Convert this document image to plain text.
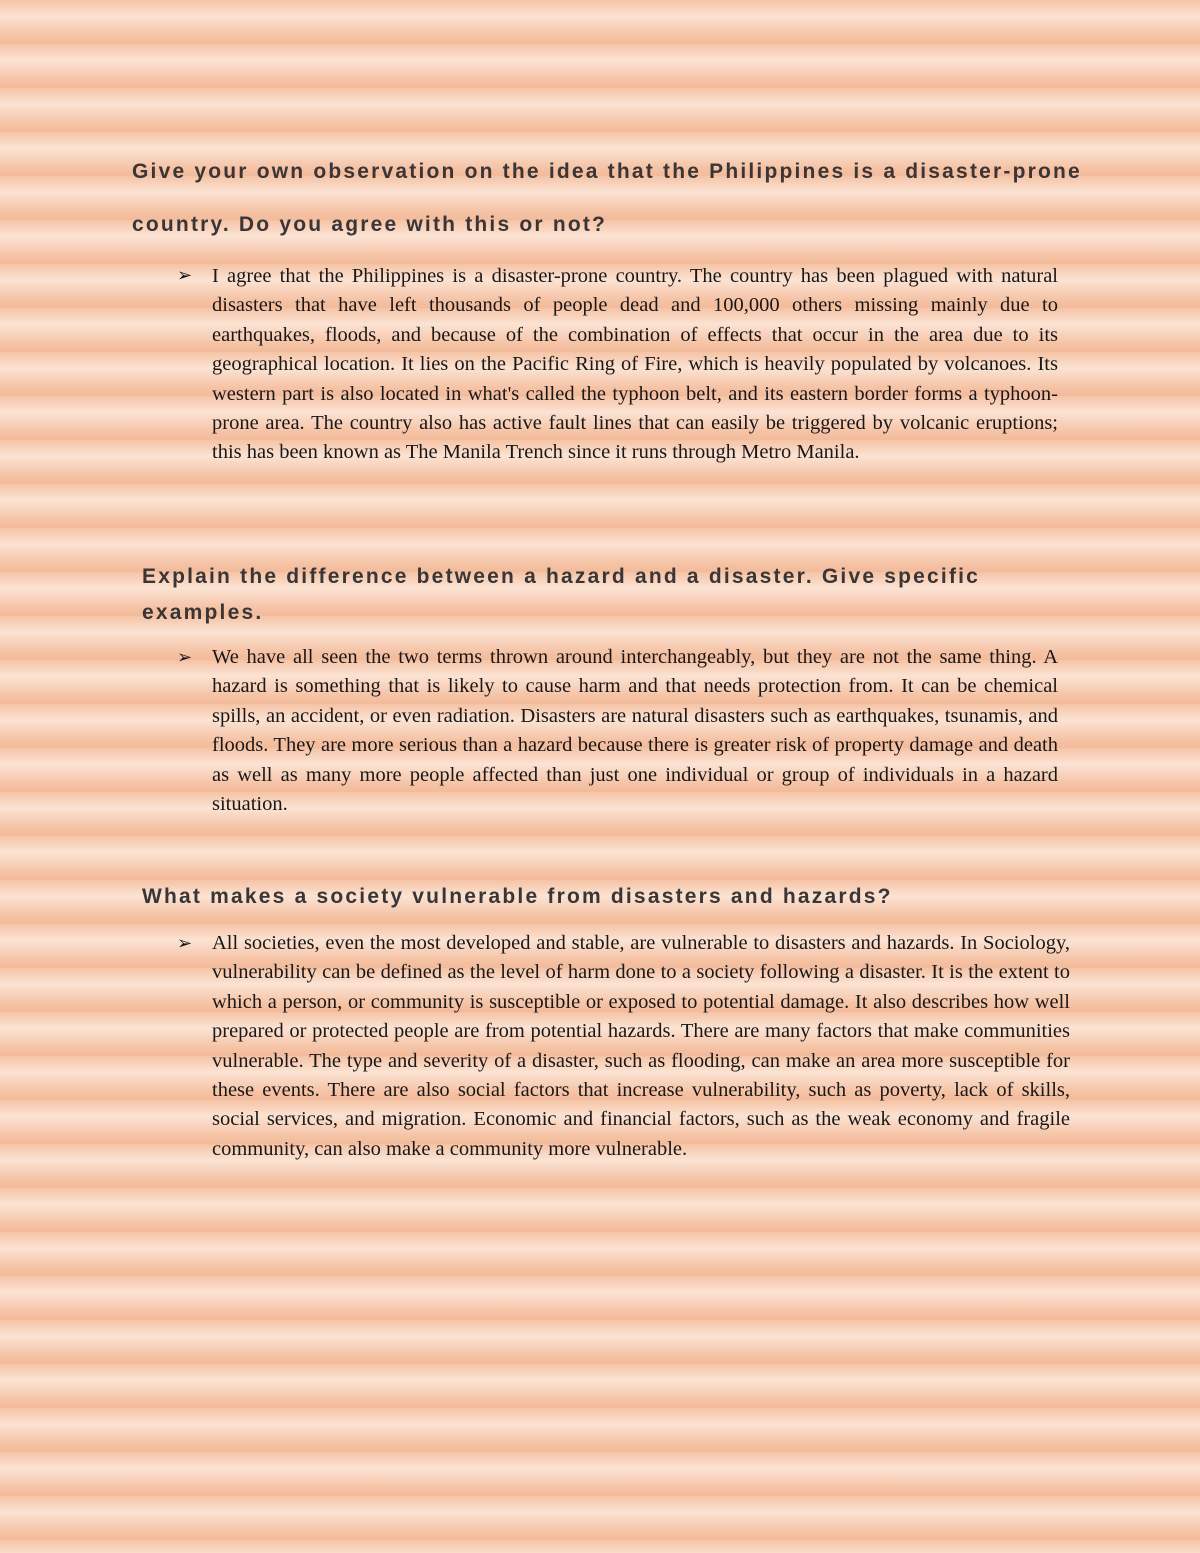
Give your own observation on the idea that the Philippines is a disaster-prone country. Do you agree with this or not?
➢ I agree that the Philippines is a disaster-prone country. The country has been plagued with natural disasters that have left thousands of people dead and 100,000 others missing mainly due to earthquakes, floods, and because of the combination of effects that occur in the area due to its geographical location. It lies on the Pacific Ring of Fire, which is heavily populated by volcanoes. Its western part is also located in what's called the typhoon belt, and its eastern border forms a typhoon-prone area. The country also has active fault lines that can easily be triggered by volcanic eruptions; this has been known as The Manila Trench since it runs through Metro Manila.

Explain the difference between a hazard and a disaster. Give specific examples.
➢ We have all seen the two terms thrown around interchangeably, but they are not the same thing. A hazard is something that is likely to cause harm and that needs protection from. It can be chemical spills, an accident, or even radiation. Disasters are natural disasters such as earthquakes, tsunamis, and floods. They are more serious than a hazard because there is greater risk of property damage and death as well as many more people affected than just one individual or group of individuals in a hazard situation.

What makes a society vulnerable from disasters and hazards?
➢ All societies, even the most developed and stable, are vulnerable to disasters and hazards. In Sociology, vulnerability can be defined as the level of harm done to a society following a disaster. It is the extent to which a person, or community is susceptible or exposed to potential damage. It also describes how well prepared or protected people are from potential hazards. There are many factors that make communities vulnerable. The type and severity of a disaster, such as flooding, can make an area more susceptible for these events. There are also social factors that increase vulnerability, such as poverty, lack of skills, social services, and migration. Economic and financial factors, such as the weak economy and fragile community, can also make a community more vulnerable.
